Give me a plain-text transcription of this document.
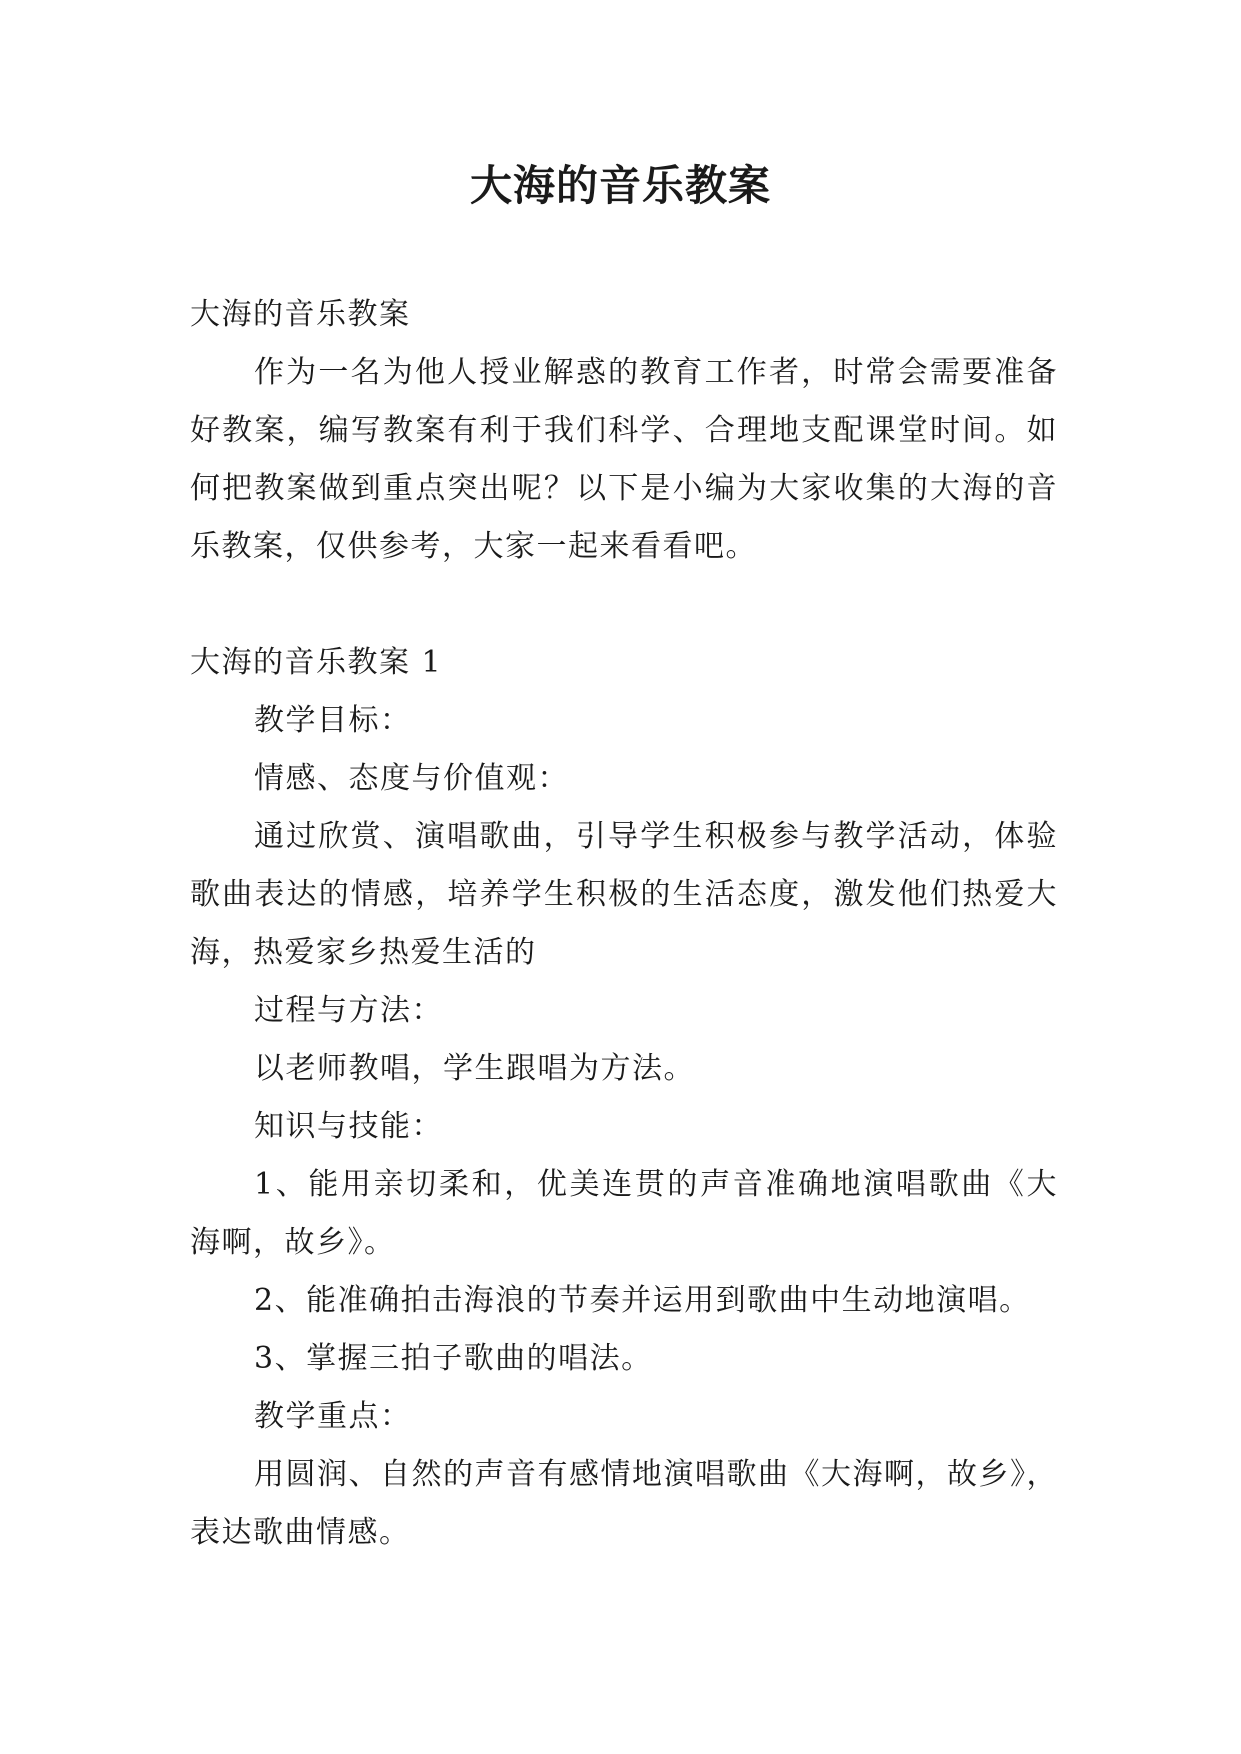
大海的音乐教案

大海的音乐教案

作为一名为他人授业解惑的教育工作者，时常会需要准备好教案，编写教案有利于我们科学、合理地支配课堂时间。如何把教案做到重点突出呢？以下是小编为大家收集的大海的音乐教案，仅供参考，大家一起来看看吧。

大海的音乐教案 1

教学目标：

情感、态度与价值观：

通过欣赏、演唱歌曲，引导学生积极参与教学活动，体验歌曲表达的情感，培养学生积极的生活态度，激发他们热爱大海，热爱家乡热爱生活的

过程与方法：

以老师教唱，学生跟唱为方法。

知识与技能：

1、能用亲切柔和，优美连贯的声音准确地演唱歌曲《大海啊，故乡》。

2、能准确拍击海浪的节奏并运用到歌曲中生动地演唱。

3、掌握三拍子歌曲的唱法。

教学重点：

用圆润、自然的声音有感情地演唱歌曲《大海啊，故乡》，表达歌曲情感。
